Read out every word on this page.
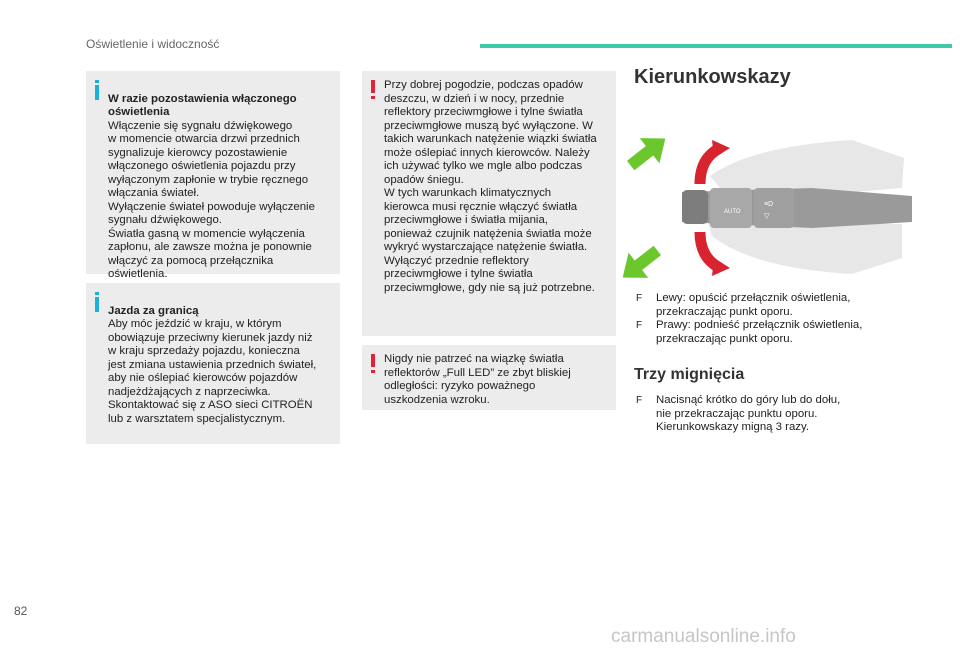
Oświetlenie i widoczność

W razie pozostawienia włączonego
oświetlenia
Włączenie się sygnału dźwiękowego
w momencie otwarcia drzwi przednich
sygnalizuje kierowcy pozostawienie
włączonego oświetlenia pojazdu przy
wyłączonym zapłonie w trybie ręcznego
włączania świateł.
Wyłączenie świateł powoduje wyłączenie
sygnału dźwiękowego.
Światła gasną w momencie wyłączenia
zapłonu, ale zawsze można je ponownie
włączyć za pomocą przełącznika
oświetlenia.

Jazda za granicą
Aby móc jeździć w kraju, w którym
obowiązuje przeciwny kierunek jazdy niż
w kraju sprzedaży pojazdu, konieczna
jest zmiana ustawienia przednich świateł,
aby nie oślepiać kierowców pojazdów
nadjeżdżających z naprzeciwka.
Skontaktować się z ASO sieci CITROËN
lub z warsztatem specjalistycznym.

Przy dobrej pogodzie, podczas opadów
deszczu, w dzień i w nocy, przednie
reflektory przeciwmgłowe i tylne światła
przeciwmgłowe muszą być wyłączone. W
takich warunkach natężenie wiązki światła
może oślepiać innych kierowców. Należy
ich używać tylko we mgle albo podczas
opadów śniegu.
W tych warunkach klimatycznych
kierowca musi ręcznie włączyć światła
przeciwmgłowe i światła mijania,
ponieważ czujnik natężenia światła może
wykryć wystarczające natężenie światła.
Wyłączyć przednie reflektory
przeciwmgłowe i tylne światła
przeciwmgłowe, gdy nie są już potrzebne.
Nigdy nie patrzeć na wiązkę światła
reflektorów „Full LED” ze zbyt bliskiej
odległości: ryzyko poważnego
uszkodzenia wzroku.
Kierunkowskazy
AUTO
≡D
▽
F Lewy: opuścić przełącznik oświetlenia,
przekraczając punkt oporu.
F Prawy: podnieść przełącznik oświetlenia,
przekraczając punkt oporu.
Trzy mignięcia
F Nacisnąć krótko do góry lub do dołu,
nie przekraczając punktu oporu.
Kierunkowskazy migną 3 razy.
82
carmanualsonline.info
